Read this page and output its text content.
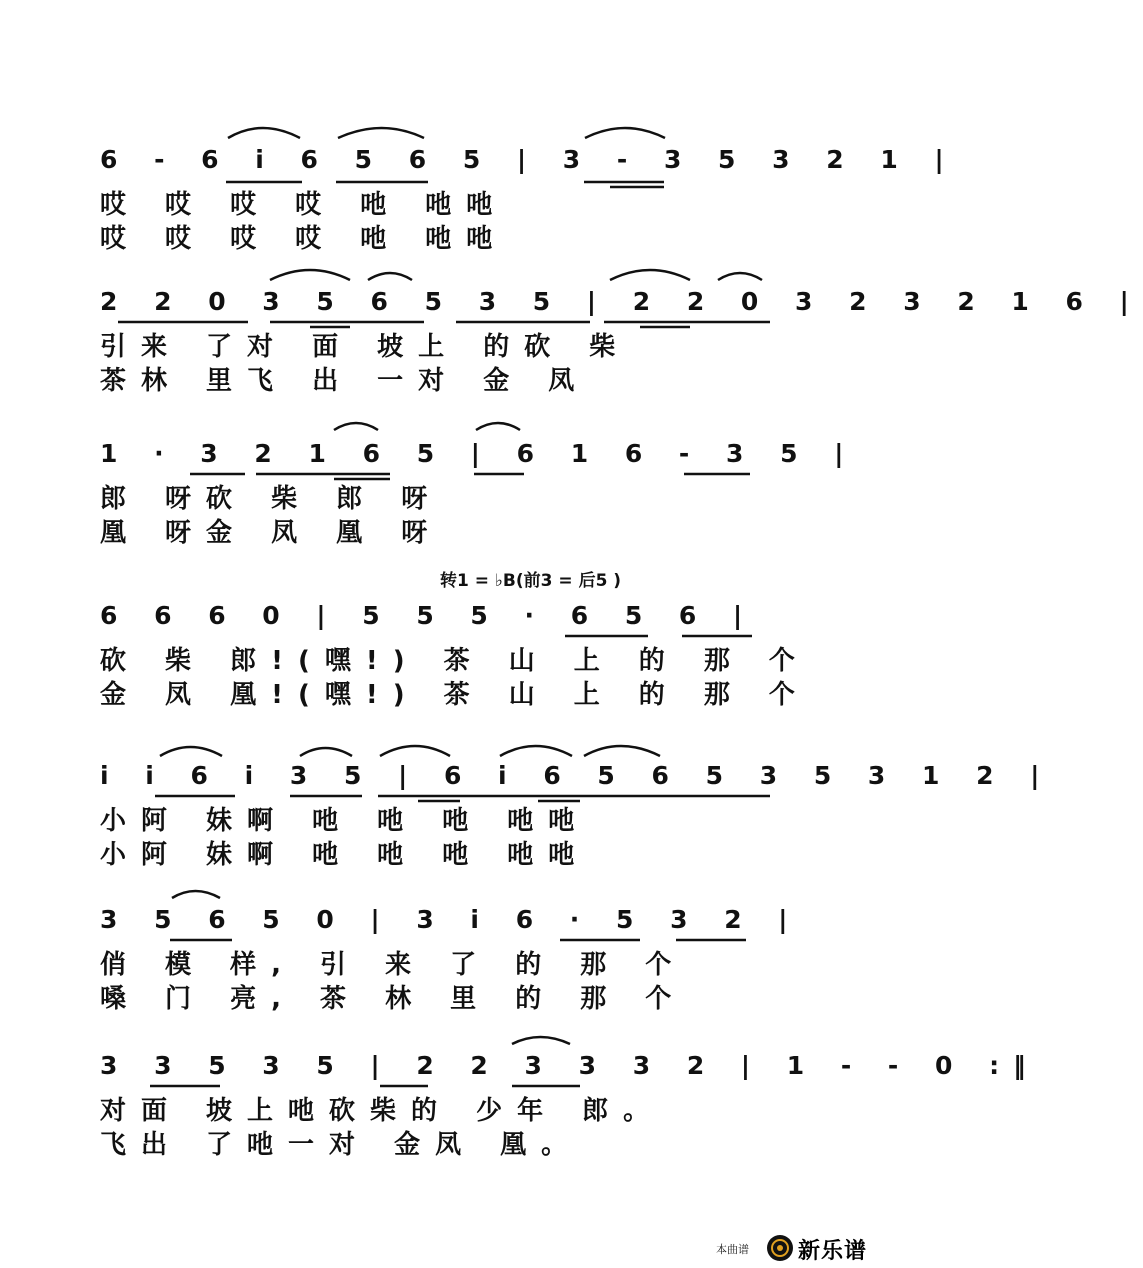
6 - 6 i 6 5 6 5 | 3 - 3 5 3 2 1 |
哎 哎 哎 哎 吔 吔吔
哎 哎 哎 哎 吔 吔吔
2 2 0 3 5 6 5 3 5 | 2 2 0 3 2 3 2 1 6 |
引来 了对 面 坡上 的砍 柴
茶林 里飞 出 一对 金 凤
1 · 3 2 1 6 5 | 6 1 6 - 3 5 |
郎 呀砍 柴 郎 呀
凰 呀金 凤 凰 呀
转1 = ♭B(前3 = 后5 )
6 6 6 0 | 5 5 5 · 6 5 6 |
砍 柴 郎!(嘿!) 茶 山 上 的 那 个
金 凤 凰!(嘿!) 茶 山 上 的 那 个
i i 6 i 3 5 | 6 i 6 5 6 5 3 5 3 1 2 |
小阿 妹啊 吔 吔 吔 吔吔
小阿 妹啊 吔 吔 吔 吔吔
3 5 6 5 0 | 3 i 6 · 5 3 2 |
俏 模 样, 引 来 了 的 那 个
嗓 门 亮, 茶 林 里 的 那 个
3 3 5 3 5 | 2 2 3 3 3 2 | 1 - - 0 :‖
对面 坡上吔砍柴的 少年 郎。
飞出 了吔一对 金凤 凰。
本曲谱 新乐谱
